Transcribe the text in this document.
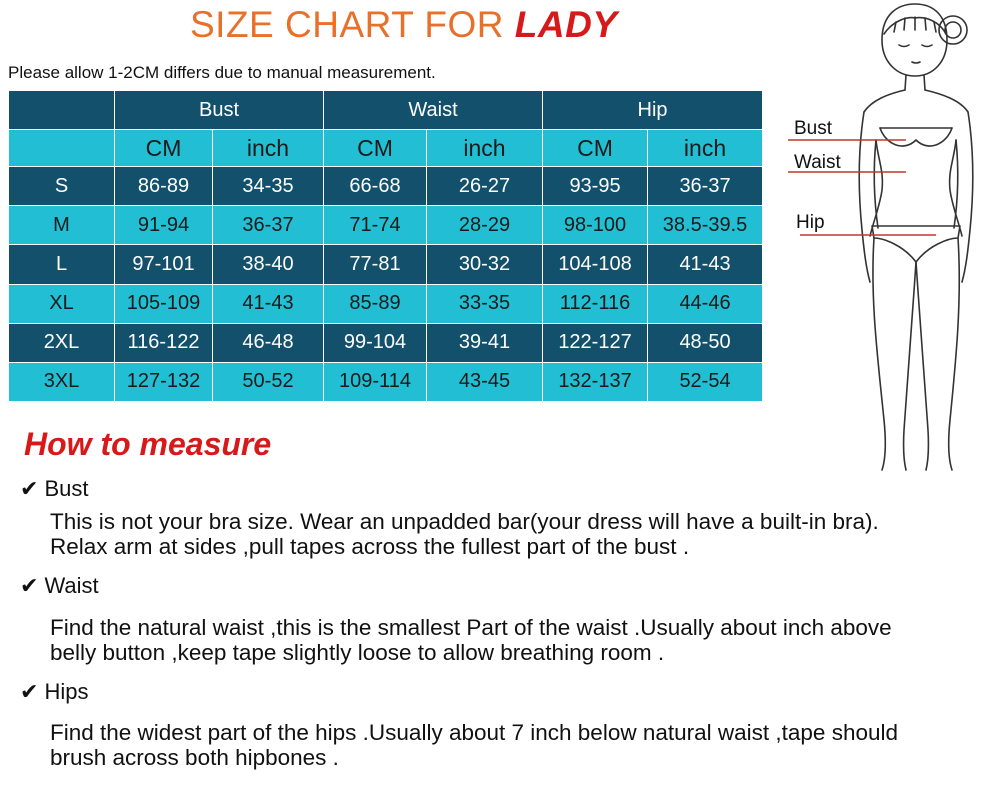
SIZE CHART FOR LADY
Please allow 1-2CM differs due to manual measurement.
	Bust		Waist		Hip	
	CM	inch	CM	inch	CM	inch
S	86-89	34-35	66-68	26-27	93-95	36-37
M	91-94	36-37	71-74	28-29	98-100	38.5-39.5
L	97-101	38-40	77-81	30-32	104-108	41-43
XL	105-109	41-43	85-89	33-35	112-116	44-46
2XL	116-122	46-48	99-104	39-41	122-127	48-50
3XL	127-132	50-52	109-114	43-45	132-137	52-54
Bust
Waist
Hip
How to measure
✔ Bust
This is not your bra size. Wear an unpadded bar(your dress will have a built-in bra).
Relax arm at sides ,pull tapes across the fullest part of the bust .
✔ Waist
Find the natural waist ,this is the smallest Part of the waist .Usually about inch above
belly button ,keep tape slightly loose to allow breathing room .
✔ Hips
Find the widest part of the hips .Usually about 7 inch below natural waist ,tape should
brush across both hipbones .
